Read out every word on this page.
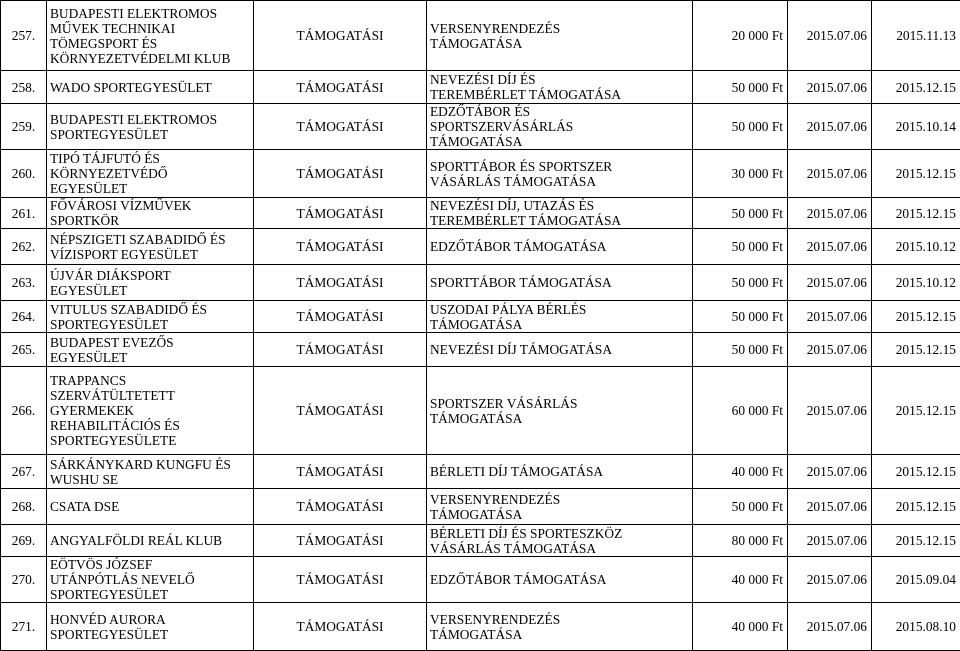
257.	BUDAPESTI ELEKTROMOS
MŰVEK TECHNIKAI
TÖMEGSPORT ÉS
KÖRNYEZETVÉDELMI KLUB	TÁMOGATÁSI	VERSENYRENDEZÉS
TÁMOGATÁSA	20 000 Ft	2015.07.06	2015.11.13
258.	WADO SPORTEGYESÜLET	TÁMOGATÁSI	NEVEZÉSI DÍJ ÉS
TEREMBÉRLET TÁMOGATÁSA	50 000 Ft	2015.07.06	2015.12.15
259.	BUDAPESTI ELEKTROMOS
SPORTEGYESÜLET	TÁMOGATÁSI	EDZŐTÁBOR ÉS
SPORTSZERVÁSÁRLÁS
TÁMOGATÁSA	50 000 Ft	2015.07.06	2015.10.14
260.	TIPÓ TÁJFUTÓ ÉS
KÖRNYEZETVÉDŐ
EGYESÜLET	TÁMOGATÁSI	SPORTTÁBOR ÉS SPORTSZER
VÁSÁRLÁS TÁMOGATÁSA	30 000 Ft	2015.07.06	2015.12.15
261.	FŐVÁROSI VÍZMŰVEK
SPORTKÖR	TÁMOGATÁSI	NEVEZÉSI DÍJ, UTAZÁS ÉS
TEREMBÉRLET TÁMOGATÁSA	50 000 Ft	2015.07.06	2015.12.15
262.	NÉPSZIGETI SZABADIDŐ ÉS
VÍZISPORT EGYESÜLET	TÁMOGATÁSI	EDZŐTÁBOR TÁMOGATÁSA	50 000 Ft	2015.07.06	2015.10.12
263.	ÚJVÁR DIÁKSPORT
EGYESÜLET	TÁMOGATÁSI	SPORTTÁBOR TÁMOGATÁSA	50 000 Ft	2015.07.06	2015.10.12
264.	VITULUS SZABADIDŐ ÉS
SPORTEGYESÜLET	TÁMOGATÁSI	USZODAI PÁLYA BÉRLÉS
TÁMOGATÁSA	50 000 Ft	2015.07.06	2015.12.15
265.	BUDAPEST EVEZŐS
EGYESÜLET	TÁMOGATÁSI	NEVEZÉSI DÍJ TÁMOGATÁSA	50 000 Ft	2015.07.06	2015.12.15
266.	TRAPPANCS
SZERVÁTÜLTETETT
GYERMEKEK
REHABILITÁCIÓS ÉS
SPORTEGYESÜLETE	TÁMOGATÁSI	SPORTSZER VÁSÁRLÁS
TÁMOGATÁSA	60 000 Ft	2015.07.06	2015.12.15
267.	SÁRKÁNYKARD KUNGFU ÉS
WUSHU SE	TÁMOGATÁSI	BÉRLETI DÍJ TÁMOGATÁSA	40 000 Ft	2015.07.06	2015.12.15
268.	CSATA DSE	TÁMOGATÁSI	VERSENYRENDEZÉS
TÁMOGATÁSA	50 000 Ft	2015.07.06	2015.12.15
269.	ANGYALFÖLDI REÁL KLUB	TÁMOGATÁSI	BÉRLETI DÍJ ÉS SPORTESZKÖZ
VÁSÁRLÁS TÁMOGATÁSA	80 000 Ft	2015.07.06	2015.12.15
270.	EÖTVÖS JÓZSEF
UTÁNPÓTLÁS NEVELŐ
SPORTEGYESÜLET	TÁMOGATÁSI	EDZŐTÁBOR TÁMOGATÁSA	40 000 Ft	2015.07.06	2015.09.04
271.	HONVÉD AURORA
SPORTEGYESÜLET	TÁMOGATÁSI	VERSENYRENDEZÉS
TÁMOGATÁSA	40 000 Ft	2015.07.06	2015.08.10
